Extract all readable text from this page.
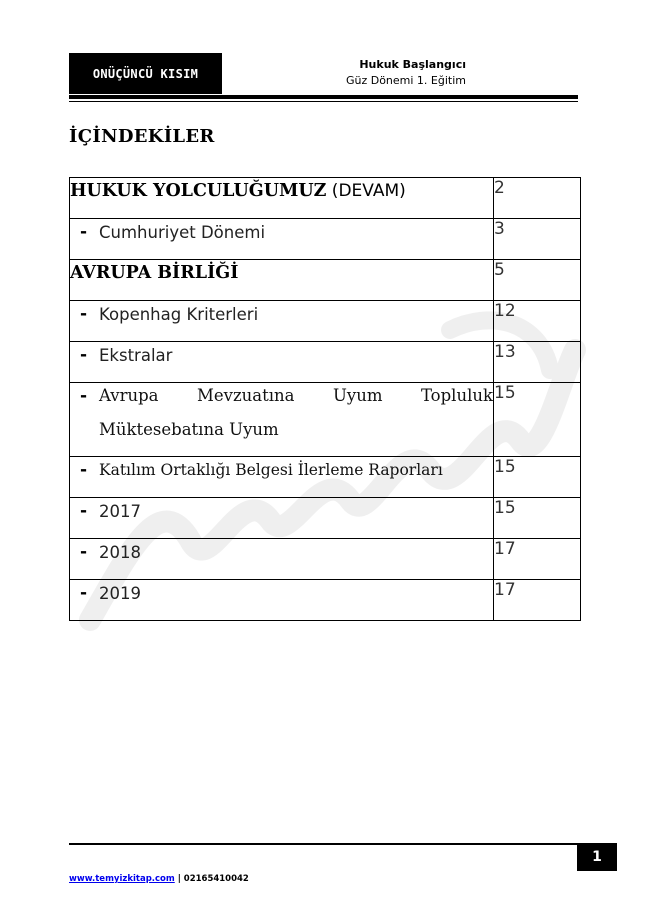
ONÜÇÜNCÜ KISIM
Hukuk Başlangıcı
Güz Dönemi 1. Eğitim
İÇİNDEKİLER
HUKUK YOLCULUĞUMUZ (DEVAM)	2

- Cumhuriyet Dönemi	3
AVRUPA BİRLİĞİ	5

- Kopenhag Kriterleri	12

- Ekstralar	13

- Avrupa Mevzuatına Uyum Topluluk Müktesebatına Uyum	15

- Katılım Ortaklığı Belgesi İlerleme Raporları	15

- 2017	15

- 2018	17

- 2019	17
1
www.temyizkitap.com | 02165410042
